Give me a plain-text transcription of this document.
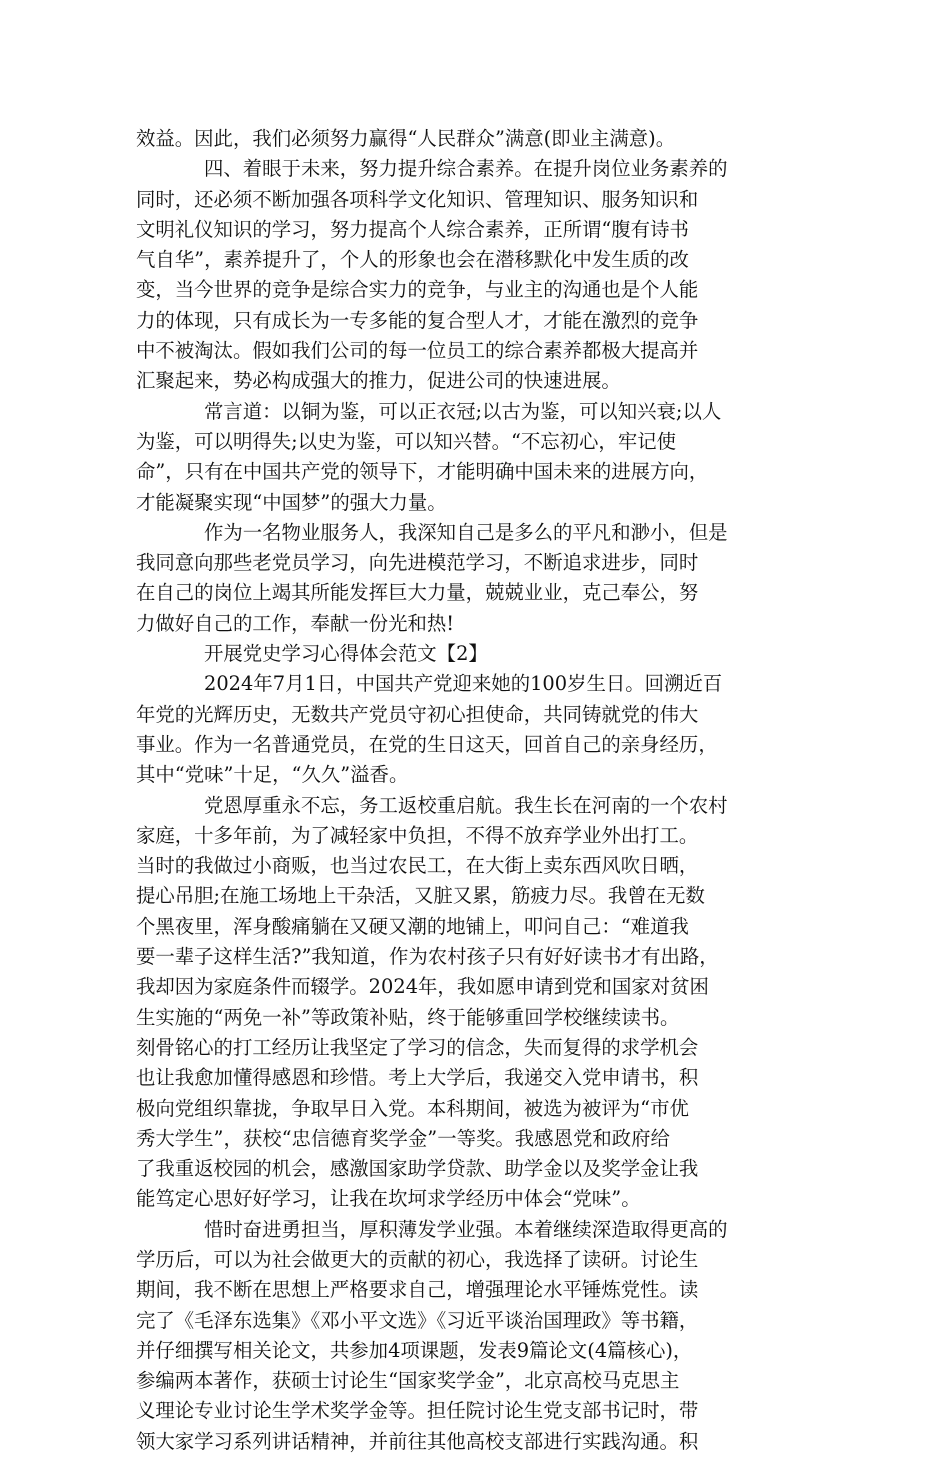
效益。因此，我们必须努力赢得“人民群众”满意(即业主满意)。
四、着眼于未来，努力提升综合素养。在提升岗位业务素养的
同时，还必须不断加强各项科学文化知识、管理知识、服务知识和
文明礼仪知识的学习，努力提高个人综合素养，正所谓“腹有诗书
气自华”，素养提升了，个人的形象也会在潜移默化中发生质的改
变，当今世界的竞争是综合实力的竞争，与业主的沟通也是个人能
力的体现，只有成长为一专多能的复合型人才，才能在激烈的竞争
中不被淘汰。假如我们公司的每一位员工的综合素养都极大提高并
汇聚起来，势必构成强大的推力，促进公司的快速进展。
常言道：以铜为鉴，可以正衣冠;以古为鉴，可以知兴衰;以人
为鉴，可以明得失;以史为鉴，可以知兴替。“不忘初心，牢记使
命”，只有在中国共产党的领导下，才能明确中国未来的进展方向，
才能凝聚实现“中国梦”的强大力量。
作为一名物业服务人，我深知自己是多么的平凡和渺小，但是
我同意向那些老党员学习，向先进模范学习，不断追求进步，同时
在自己的岗位上竭其所能发挥巨大力量，兢兢业业，克己奉公，努
力做好自己的工作，奉献一份光和热!
开展党史学习心得体会范文【2】
2024年7月1日，中国共产党迎来她的100岁生日。回溯近百
年党的光辉历史，无数共产党员守初心担使命，共同铸就党的伟大
事业。作为一名普通党员，在党的生日这天，回首自己的亲身经历，
其中“党味”十足，“久久”溢香。
党恩厚重永不忘，务工返校重启航。我生长在河南的一个农村
家庭，十多年前，为了减轻家中负担，不得不放弃学业外出打工。
当时的我做过小商贩，也当过农民工，在大街上卖东西风吹日晒，
提心吊胆;在施工场地上干杂活，又脏又累，筋疲力尽。我曾在无数
个黑夜里，浑身酸痛躺在又硬又潮的地铺上，叩问自己：“难道我
要一辈子这样生活?”我知道，作为农村孩子只有好好读书才有出路，
我却因为家庭条件而辍学。2024年，我如愿申请到党和国家对贫困
生实施的“两免一补”等政策补贴，终于能够重回学校继续读书。
刻骨铭心的打工经历让我坚定了学习的信念，失而复得的求学机会
也让我愈加懂得感恩和珍惜。考上大学后，我递交入党申请书，积
极向党组织靠拢，争取早日入党。本科期间，被选为被评为“市优
秀大学生”，获校“忠信德育奖学金”一等奖。我感恩党和政府给
了我重返校园的机会，感激国家助学贷款、助学金以及奖学金让我
能笃定心思好好学习，让我在坎坷求学经历中体会“党味”。
惜时奋进勇担当，厚积薄发学业强。本着继续深造取得更高的
学历后，可以为社会做更大的贡献的初心，我选择了读研。讨论生
期间，我不断在思想上严格要求自己，增强理论水平锤炼党性。读
完了《毛泽东选集》《邓小平文选》《习近平谈治国理政》等书籍，
并仔细撰写相关论文，共参加4项课题，发表9篇论文(4篇核心)，
参编两本著作，获硕士讨论生“国家奖学金”，北京高校马克思主
义理论专业讨论生学术奖学金等。担任院讨论生党支部书记时，带
领大家学习系列讲话精神，并前往其他高校支部进行实践沟通。积
